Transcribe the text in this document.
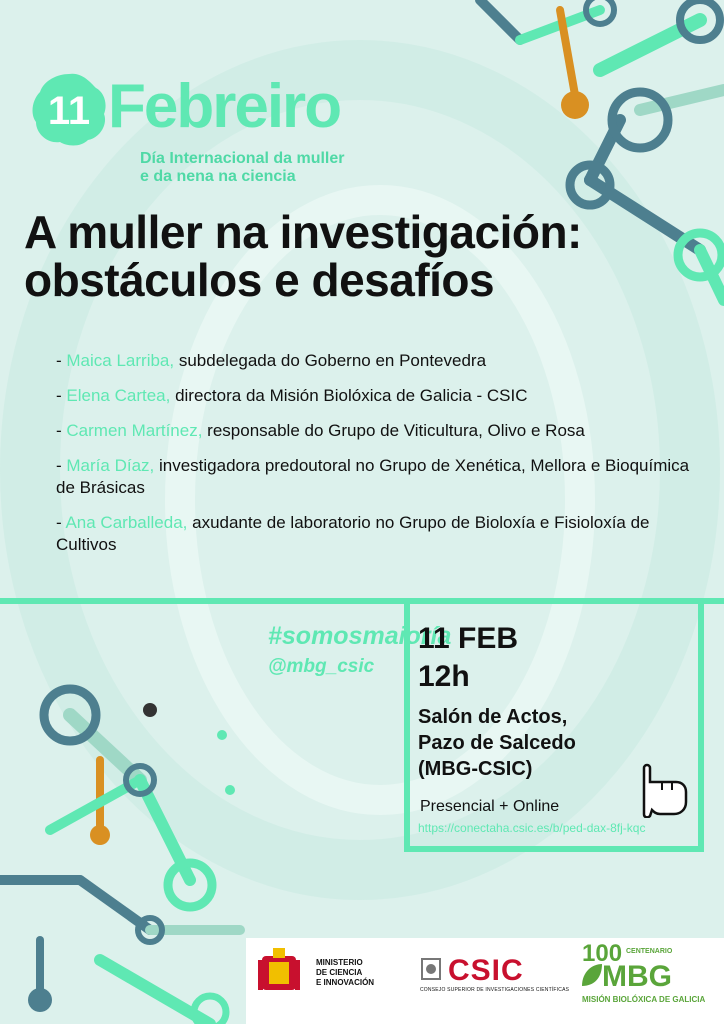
11 Febreiro
Día Internacional da muller
e da nena na ciencia
A muller na investigación:
obstáculos e desafíos
- Maica Larriba, subdelegada do Goberno en Pontevedra
- Elena Cartea, directora da Misión Biolóxica de Galicia - CSIC
- Carmen Martínez, responsable do Grupo de Viticultura, Olivo e Rosa
- María Díaz, investigadora predoutoral no Grupo de Xenética, Mellora e Bioquímica de Brásicas
- Ana Carballeda, axudante de laboratorio no Grupo de Bioloxía e Fisioloxía de Cultivos
#somosmaioría
@mbg_csic
11 FEB
12h
Salón de Actos,
Pazo de Salcedo
(MBG-CSIC)
Presencial + Online
https://conectaha.csic.es/b/ped-dax-8fj-kqc
MINISTERIO
DE CIENCIA
E INNOVACIÓN CSIC
CONSEJO SUPERIOR DE INVESTIGACIONES CIENTÍFICAS
100 CENTENARIO
MBG
MISIÓN BIOLÓXICA DE GALICIA
